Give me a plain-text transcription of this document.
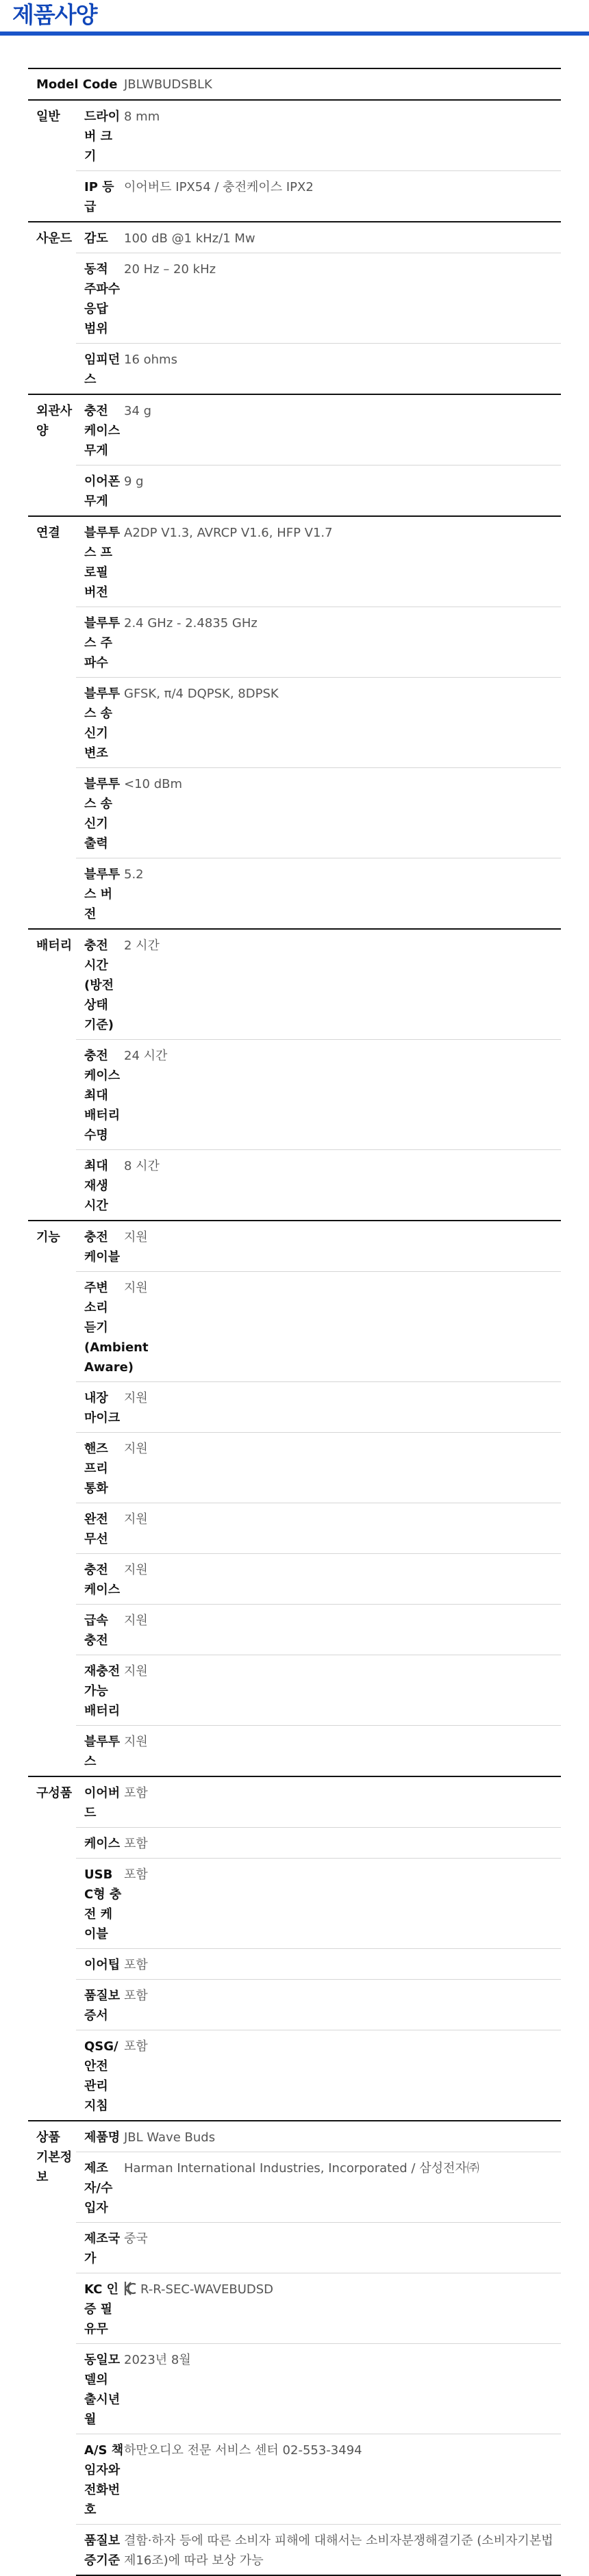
제품사양
Model Code		JBLWBUDSBLK
일반	드라이버 크기	8 mm
	IP 등급	이어버드 IPX54 / 충전케이스 IPX2
사운드	감도	100 dB @1 kHz/1 Mw
	동적 주파수 응답 범위	20 Hz – 20 kHz
	임피던스	16 ohms
외관사양	충전 케이스 무게	34 g
	이어폰 무게	9 g
연결	블루투스 프로필 버전	A2DP V1.3, AVRCP V1.6, HFP V1.7
	블루투스 주파수	2.4 GHz - 2.4835 GHz
	블루투스 송신기 변조	GFSK, π/4 DQPSK, 8DPSK
	블루투스 송신기 출력	<10 dBm
	블루투스 버전	5.2
배터리	충전 시간(방전 상태 기준)	2 시간
	충전 케이스 최대 배터리 수명	24 시간
	최대 재생 시간	8 시간
기능	충전 케이블	지원
	주변 소리 듣기(Ambient Aware)	지원
	내장 마이크	지원
	핸즈 프리 통화	지원
	완전 무선	지원
	충전 케이스	지원
	급속 충전	지원
	재충전 가능 배터리	지원
	블루투스	지원
구성품	이어버드	포함
	케이스	포함
	USB C형 충전 케이블	포함
	이어팁	포함
	품질보증서	포함
	QSG/안전 관리 지침	포함
상품 기본정보	제품명	JBL Wave Buds
	제조자/수입자	Harman International Industries, Incorporated / 삼성전자㈜
	제조국가	중국
	KC 인증 필 유무	R-R-SEC-WAVEBUDSD
	동일모델의 출시년월	2023년 8월
	A/S 책임자와 전화번호	하만오디오 전문 서비스 센터 02-553-3494
	품질보증기준	결함·하자 등에 따른 소비자 피해에 대해서는 소비자분쟁해결기준 (소비자기본법 제16조)에 따라 보상 가능
